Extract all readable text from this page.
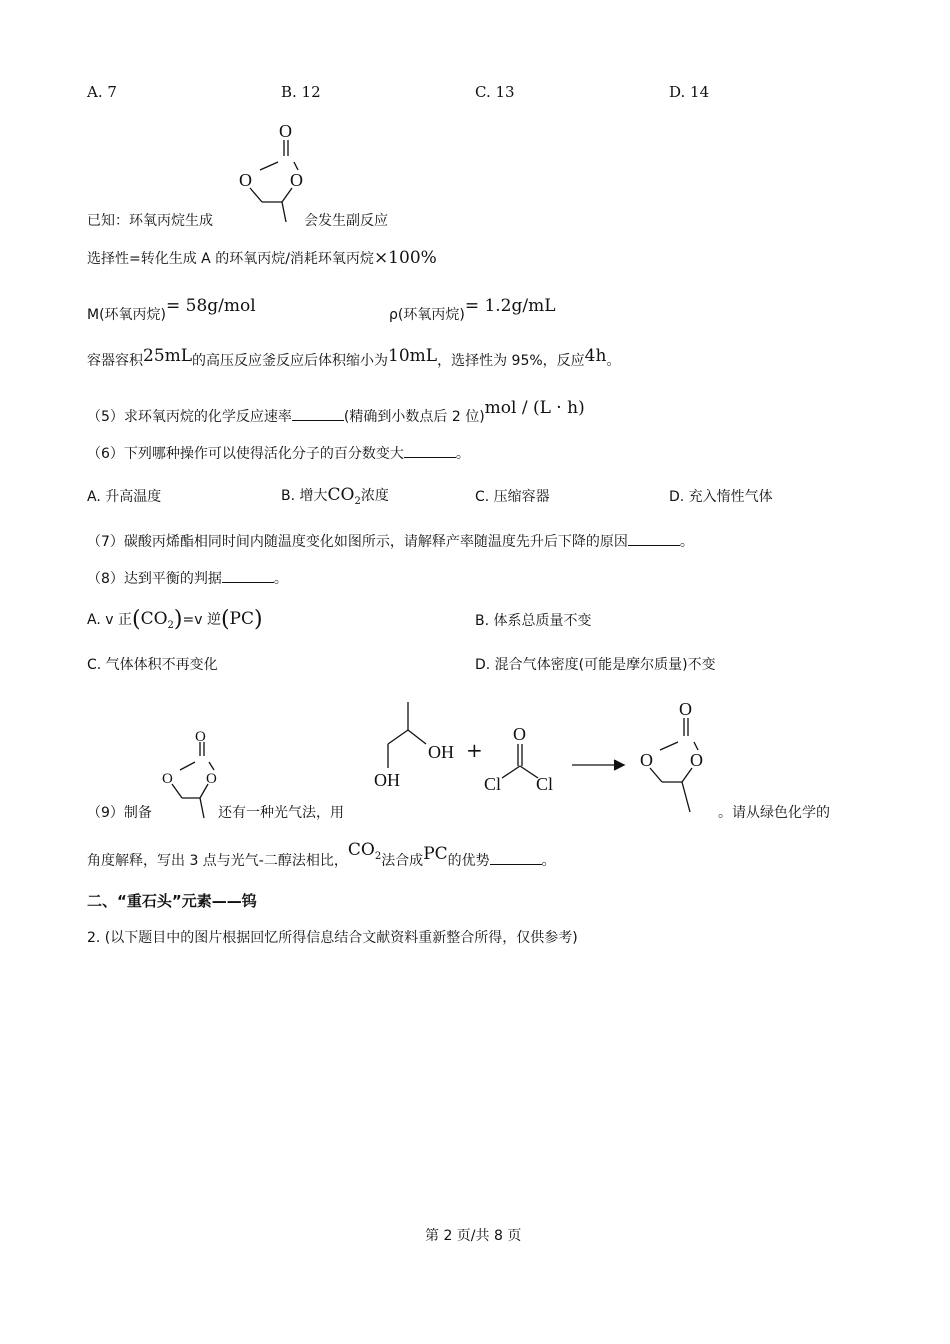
A. 7	B. 12	C. 13	D. 14
已知：环氧丙烷生成
O
O O
会发生副反应
选择性=转化生成 A 的环氧丙烷/消耗环氧丙烷×100%
M(环氧丙烷)= 58g/mol	ρ(环氧丙烷)= 1.2g/mL
容器容积25mL的高压反应釜反应后体积缩小为10mL，选择性为 95%，反应4h。
（5）求环氧丙烷的化学反应速率	(精确到小数点后 2 位)mol / (L · h)
（6）下列哪种操作可以使得活化分子的百分数变大	。
A. 升高温度	B. 增大$CO_2$浓度	C. 压缩容器	D. 充入惰性气体
（7）碳酸丙烯酯相同时间内随温度变化如图所示，请解释产率随温度先升后下降的原因	。
（8）达到平衡的判据	。
A. v 正$(CO_2)=v$ 逆(PC)	B. 体系总质量不变
C. 气体体积不再变化	D. 混合气体密度(可能是摩尔质量)不变
（9）制备
O
O O
还有一种光气法，用
OH
OH
+
O
Cl Cl
O
O O
。请从绿色化学的
角度解释，写出 3 点与光气-二醇法相比，$CO_2$法合成PC的优势	。
二、“重石头”元素——钨
2. (以下题目中的图片根据回忆所得信息结合文献资料重新整合所得，仅供参考)
第 2 页/共 8 页
